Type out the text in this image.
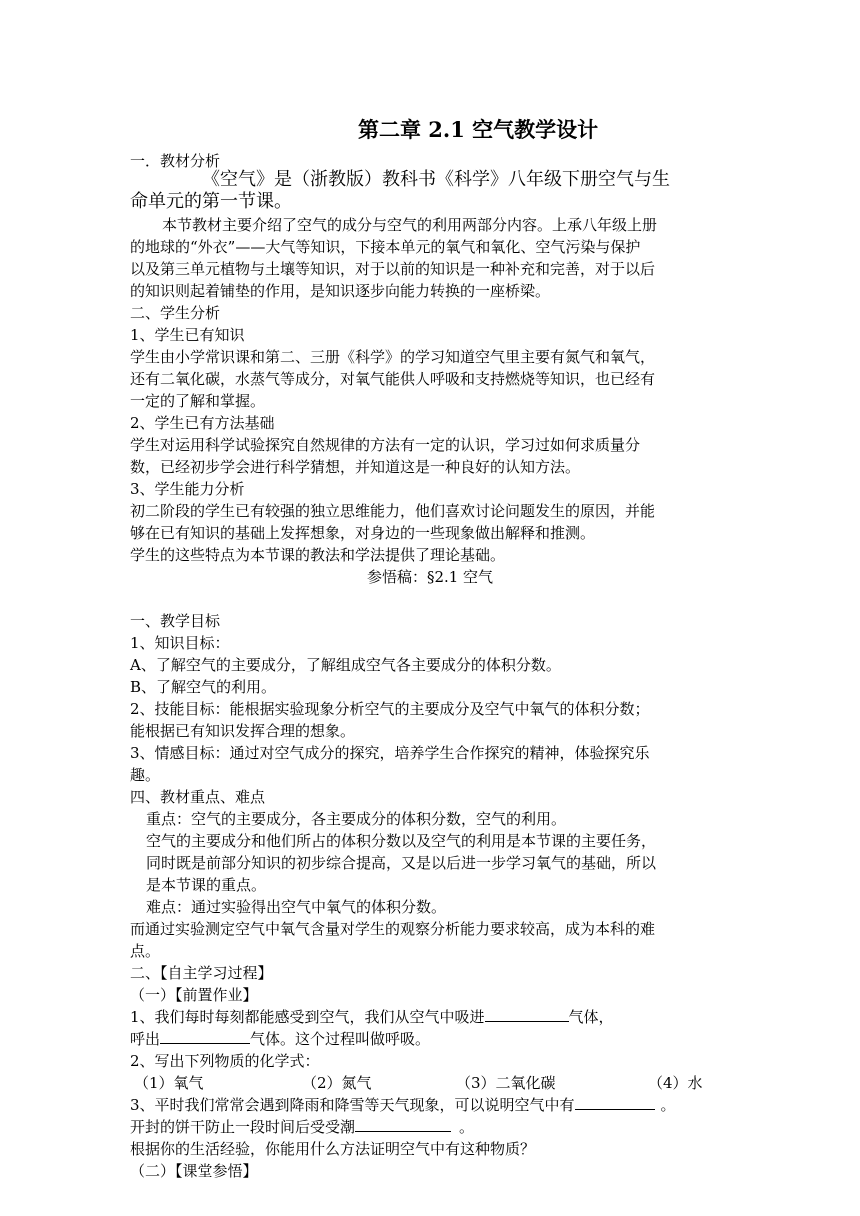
第二章 2.1 空气教学设计
一．教材分析
《空气》是（浙教版）教科书《科学》八年级下册空气与生
命单元的第一节课。
本节教材主要介绍了空气的成分与空气的利用两部分内容。上承八年级上册
的地球的“外衣”——大气等知识，下接本单元的氧气和氧化、空气污染与保护
以及第三单元植物与土壤等知识，对于以前的知识是一种补充和完善，对于以后
的知识则起着铺垫的作用，是知识逐步向能力转换的一座桥梁。
二、学生分析
1、学生已有知识
学生由小学常识课和第二、三册《科学》的学习知道空气里主要有氮气和氧气，
还有二氧化碳，水蒸气等成分，对氧气能供人呼吸和支持燃烧等知识，也已经有
一定的了解和掌握。
2、学生已有方法基础
学生对运用科学试验探究自然规律的方法有一定的认识，学习过如何求质量分
数，已经初步学会进行科学猜想，并知道这是一种良好的认知方法。
3、学生能力分析
初二阶段的学生已有较强的独立思维能力，他们喜欢讨论问题发生的原因，并能
够在已有知识的基础上发挥想象，对身边的一些现象做出解释和推测。
学生的这些特点为本节课的教法和学法提供了理论基础。
参悟稿：§2.1 空气
一、教学目标
1、知识目标：
A、了解空气的主要成分，了解组成空气各主要成分的体积分数。
B、了解空气的利用。
2、技能目标：能根据实验现象分析空气的主要成分及空气中氧气的体积分数；
能根据已有知识发挥合理的想象。
3、情感目标：通过对空气成分的探究，培养学生合作探究的精神，体验探究乐
趣。
四、教材重点、难点
重点：空气的主要成分，各主要成分的体积分数，空气的利用。
空气的主要成分和他们所占的体积分数以及空气的利用是本节课的主要任务，
同时既是前部分知识的初步综合提高，又是以后进一步学习氧气的基础，所以
是本节课的重点。
难点：通过实验得出空气中氧气的体积分数。
而通过实验测定空气中氧气含量对学生的观察分析能力要求较高，成为本科的难
点。
二、【自主学习过程】
（一）【前置作业】
1、我们每时每刻都能感受到空气，我们从空气中吸进	气体，
呼出	气体。这个过程叫做呼吸。
2、写出下列物质的化学式：
（1）氧气	（2）氮气	（3）二氧化碳	（4）水
3、平时我们常常会遇到降雨和降雪等天气现象，可以说明空气中有	。
开封的饼干防止一段时间后受受潮	。
根据你的生活经验，你能用什么方法证明空气中有这种物质？
（二）【课堂参悟】
